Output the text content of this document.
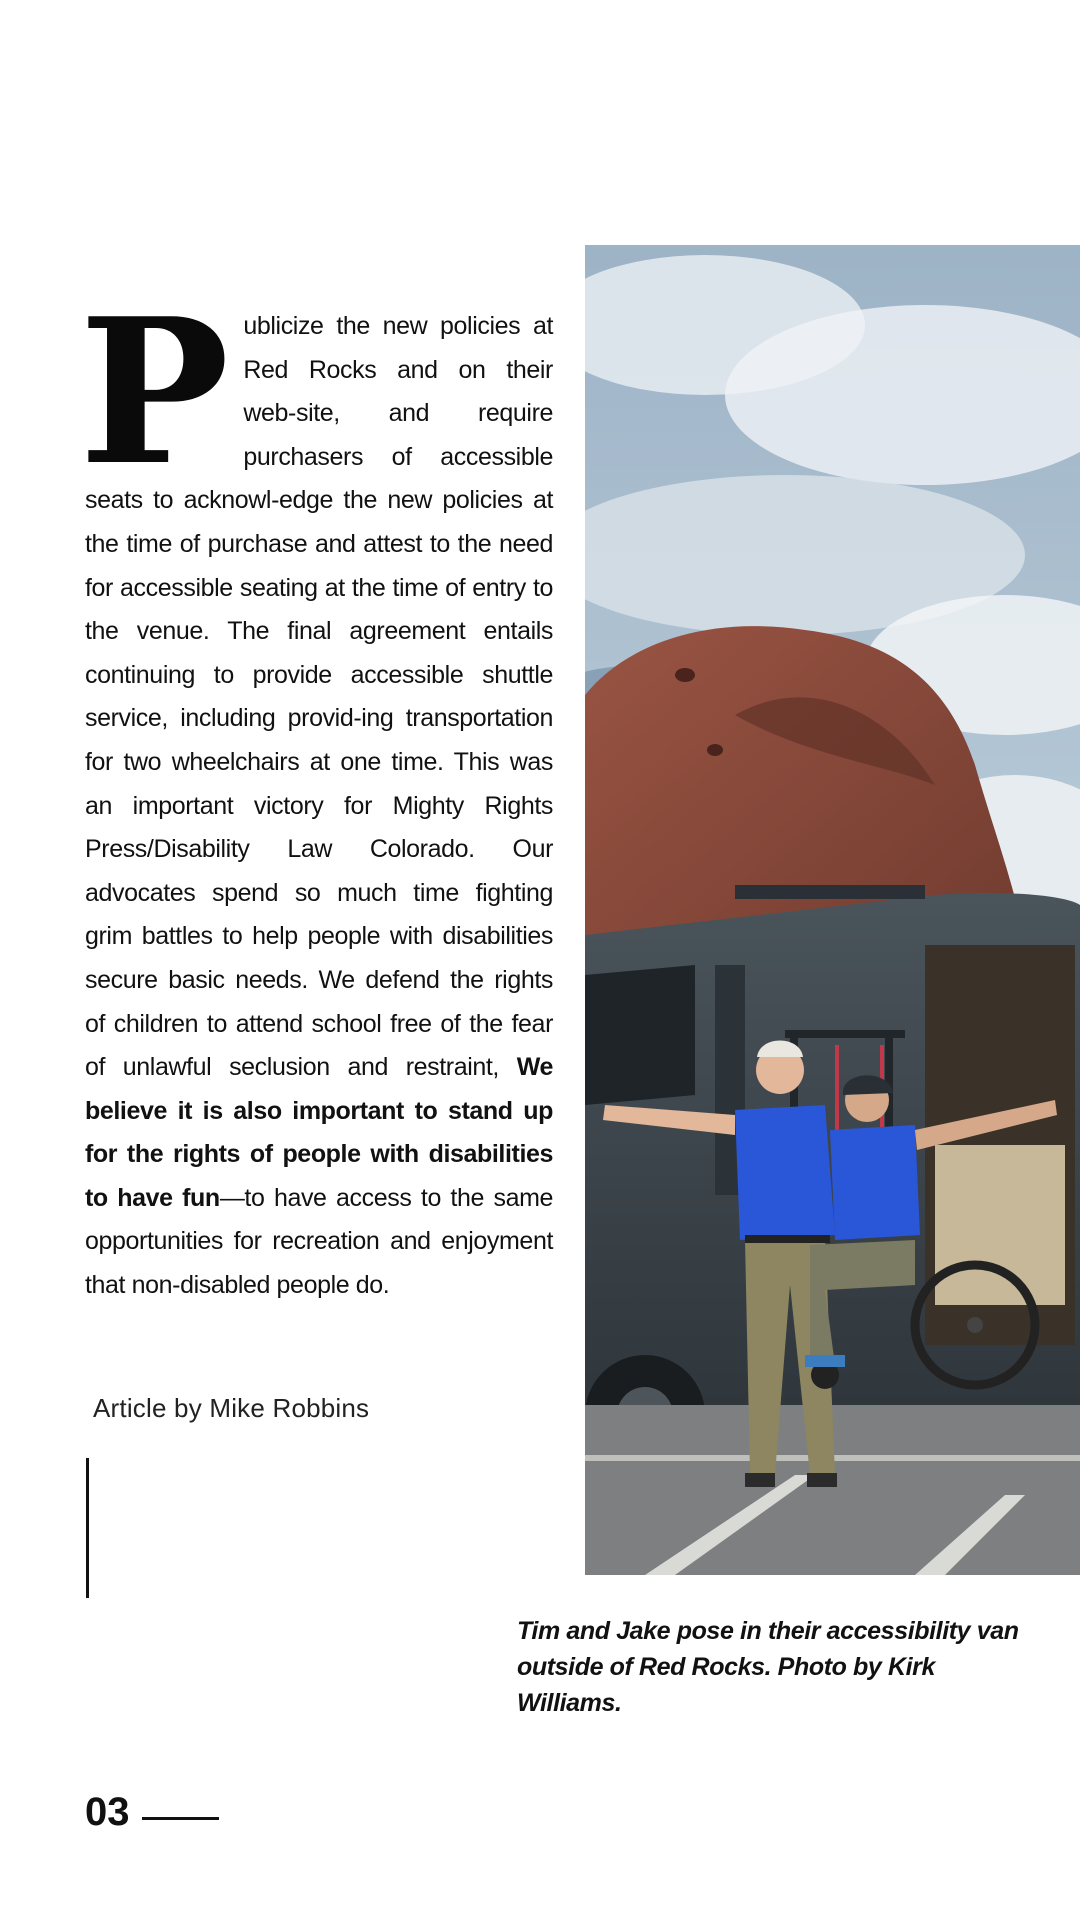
Publicize the new policies at Red Rocks and on their web-site, and require purchasers of accessible seats to acknowl-edge the new policies at the time of purchase and attest to the need for accessible seating at the time of entry to the venue. The final agreement entails continuing to provide accessible shuttle service, including provid-ing transportation for two wheelchairs at one time. This was an important victory for Mighty Rights Press/Disability Law Colorado. Our advocates spend so much time fighting grim battles to help people with disabilities secure basic needs. We defend the rights of children to attend school free of the fear of unlawful seclusion and restraint, We believe it is also important to stand up for the rights of people with disabilities to have fun—to have access to the same opportunities for recreation and enjoyment that non-disabled people do.

Article by Mike Robbins

Tim and Jake pose in their accessibility van outside of Red Rocks. Photo by Kirk Williams.

03
